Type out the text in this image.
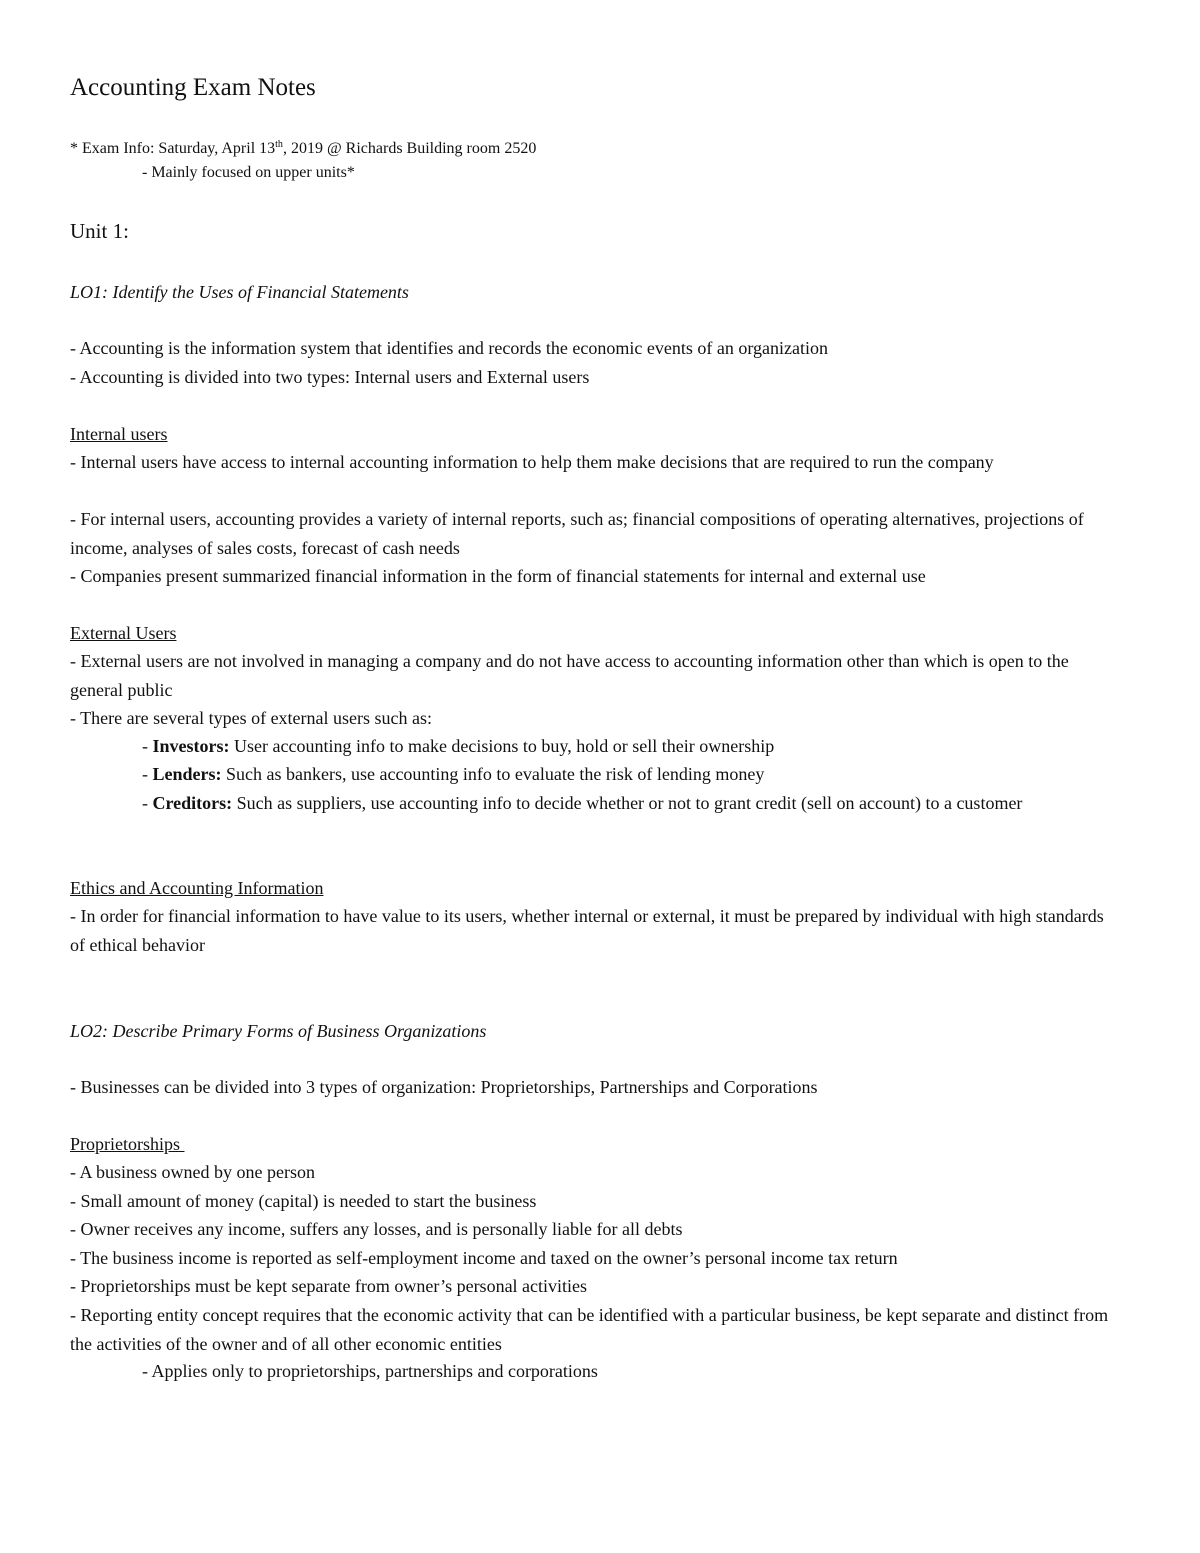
Accounting Exam Notes
* Exam Info: Saturday, April 13th, 2019 @ Richards Building room 2520
- Mainly focused on upper units*
Unit 1:
LO1: Identify the Uses of Financial Statements
- Accounting is the information system that identifies and records the economic events of an organization
- Accounting is divided into two types: Internal users and External users
Internal users
- Internal users have access to internal accounting information to help them make decisions that are required to run the company
- For internal users, accounting provides a variety of internal reports, such as; financial compositions of operating alternatives, projections of income, analyses of sales costs, forecast of cash needs
- Companies present summarized financial information in the form of financial statements for internal and external use
External Users
- External users are not involved in managing a company and do not have access to accounting information other than which is open to the general public
- There are several types of external users such as:
- Investors: User accounting info to make decisions to buy, hold or sell their ownership
- Lenders: Such as bankers, use accounting info to evaluate the risk of lending money
- Creditors: Such as suppliers, use accounting info to decide whether or not to grant credit (sell on account) to a customer
Ethics and Accounting Information
- In order for financial information to have value to its users, whether internal or external, it must be prepared by individual with high standards of ethical behavior
LO2: Describe Primary Forms of Business Organizations
- Businesses can be divided into 3 types of organization: Proprietorships, Partnerships and Corporations
Proprietorships
- A business owned by one person
- Small amount of money (capital) is needed to start the business
- Owner receives any income, suffers any losses, and is personally liable for all debts
- The business income is reported as self-employment income and taxed on the owner’s personal income tax return
- Proprietorships must be kept separate from owner’s personal activities
- Reporting entity concept requires that the economic activity that can be identified with a particular business, be kept separate and distinct from the activities of the owner and of all other economic entities
- Applies only to proprietorships, partnerships and corporations
